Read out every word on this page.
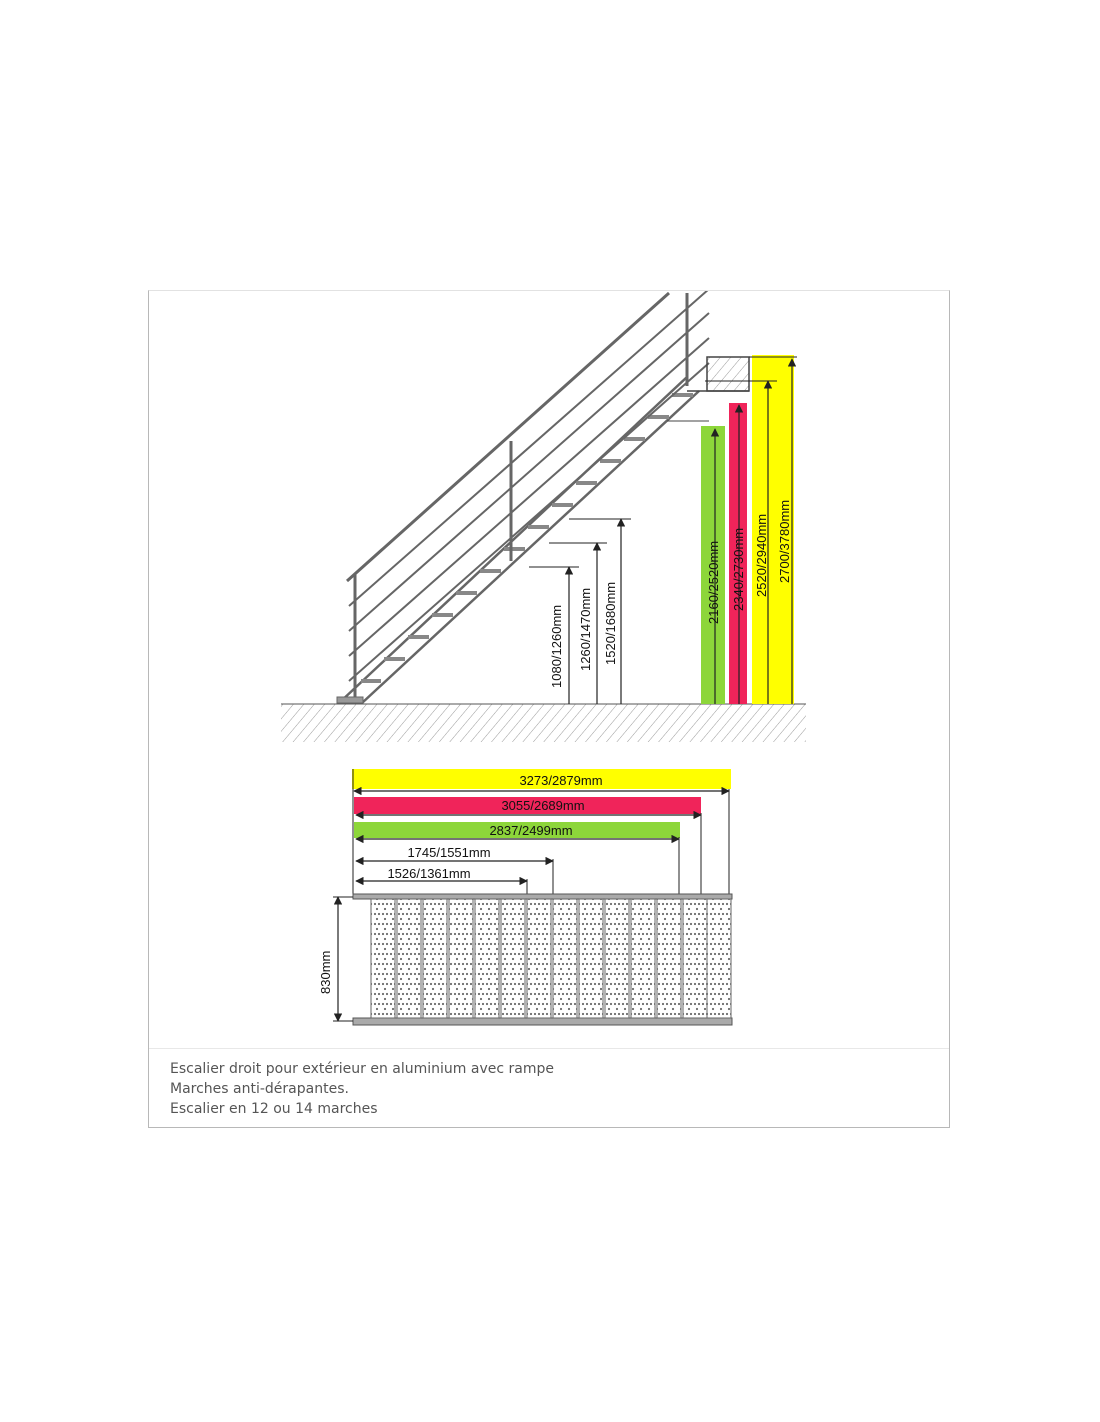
1080/1260mm 1260/1470mm 1520/1680mm	2160/2520mm 2340/2730mm 2520/2940mm 2700/3780mm
3273/2879mm
3055/2689mm
2837/2499mm
1745/1551mm
1526/1361mm
830mm
Escalier droit pour extérieur en aluminium avec rampe
Marches anti-dérapantes.
Escalier en 12 ou 14 marches
